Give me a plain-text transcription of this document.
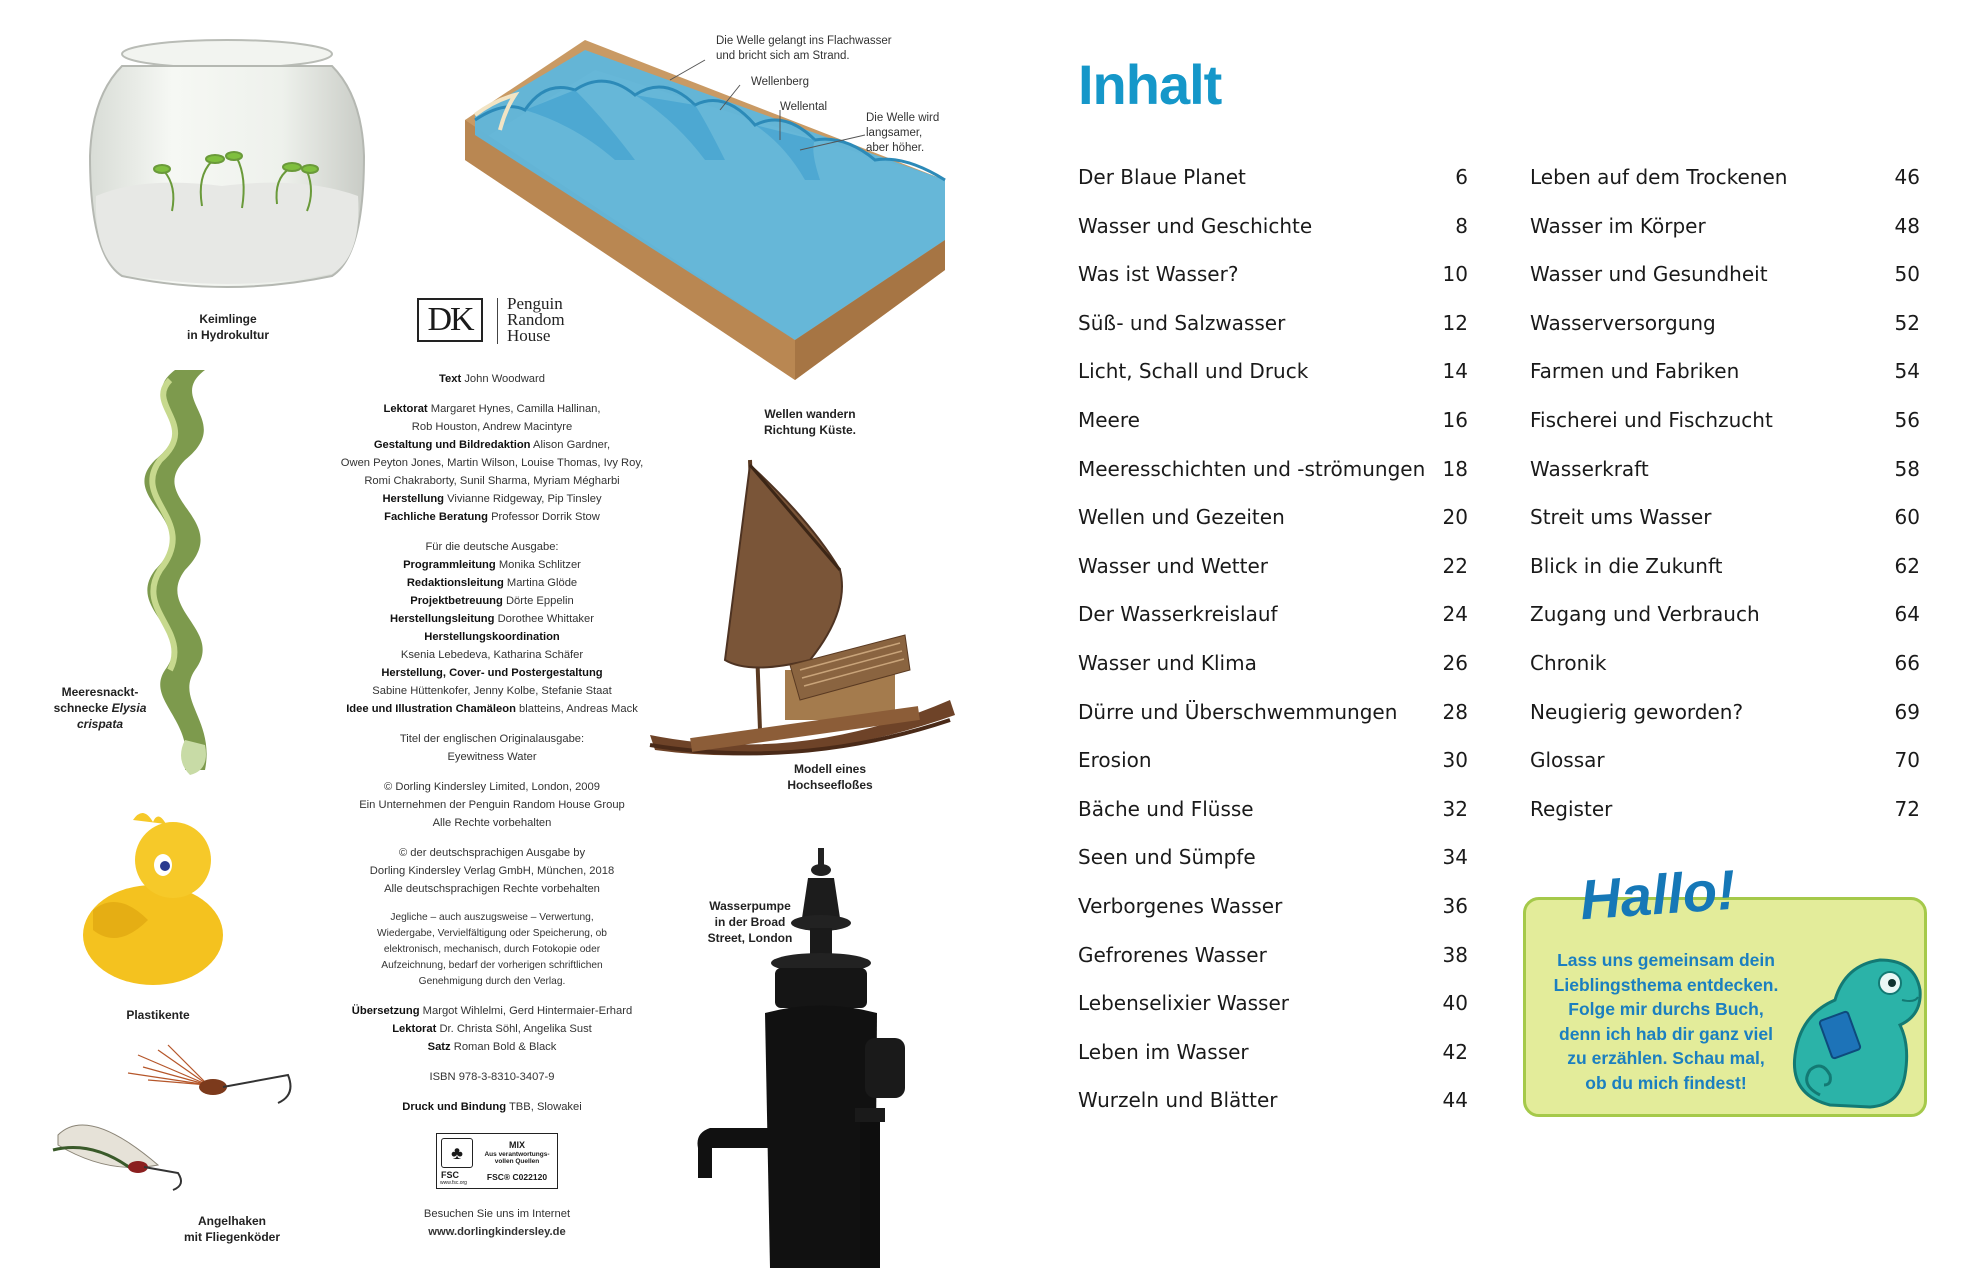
Keimlinge
in Hydrokultur
Die Welle gelangt ins Flachwasser
und bricht sich am Strand.
Wellenberg
Wellental
Die Welle wird
langsamer,
aber höher.
Wellen wandern
Richtung Küste.
DK	Penguin
Random
House
Text John Woodward
Lektorat Margaret Hynes, Camilla Hallinan,
Rob Houston, Andrew Macintyre
Gestaltung und Bildredaktion Alison Gardner,
Owen Peyton Jones, Martin Wilson, Louise Thomas, Ivy Roy,
Romi Chakraborty, Sunil Sharma, Myriam Mégharbi
Herstellung Vivianne Ridgeway, Pip Tinsley
Fachliche Beratung Professor Dorrik Stow
Für die deutsche Ausgabe:
Programmleitung Monika Schlitzer
Redaktionsleitung Martina Glöde
Projektbetreuung Dörte Eppelin
Herstellungsleitung Dorothee Whittaker
Herstellungskoordination
Ksenia Lebedeva, Katharina Schäfer
Herstellung, Cover- und Postergestaltung
Sabine Hüttenkofer, Jenny Kolbe, Stefanie Staat
Idee und Illustration Chamäleon blatteins, Andreas Mack
Titel der englischen Originalausgabe:
Eyewitness Water
© Dorling Kindersley Limited, London, 2009
Ein Unternehmen der Penguin Random House Group
Alle Rechte vorbehalten
© der deutschsprachigen Ausgabe by
Dorling Kindersley Verlag GmbH, München, 2018
Alle deutschsprachigen Rechte vorbehalten
Jegliche – auch auszugsweise – Verwertung,
Wiedergabe, Vervielfältigung oder Speicherung, ob
elektronisch, mechanisch, durch Fotokopie oder
Aufzeichnung, bedarf der vorherigen schriftlichen
Genehmigung durch den Verlag.
Übersetzung Margot Wihlelmi, Gerd Hintermaier-Erhard
Lektorat Dr. Christa Söhl, Angelika Sust
Satz Roman Bold & Black
ISBN 978-3-8310-3407-9
Druck und Bindung TBB, Slowakei
♣
FSC
www.fsc.org
MIX
Aus verantwortungs-
vollen Quellen
FSC® C022120
Besuchen Sie uns im Internet
www.dorlingkindersley.de
Meeresnackt-
schnecke Elysia
crispata
Plastikente
Angelhaken
mit Fliegenköder
Modell eines
Hochseefloßes
Wasserpumpe
in der Broad
Street, London
Inhalt
Der Blaue Planet	6
Wasser und Geschichte	8
Was ist Wasser?	10
Süß- und Salzwasser	12
Licht, Schall und Druck	14
Meere	16
Meeresschichten und -strömungen 18
Wellen und Gezeiten	20
Wasser und Wetter	22
Der Wasserkreislauf	24
Wasser und Klima	26
Dürre und Überschwemmungen 28
Erosion	30
Bäche und Flüsse	32
Seen und Sümpfe	34
Verborgenes Wasser	36
Gefrorenes Wasser	38
Lebenselixier Wasser	40
Leben im Wasser	42
Wurzeln und Blätter	44
Leben auf dem Trockenen	46
Wasser im Körper	48
Wasser und Gesundheit	50
Wasserversorgung	52
Farmen und Fabriken	54
Fischerei und Fischzucht	56
Wasserkraft	58
Streit ums Wasser	60
Blick in die Zukunft	62
Zugang und Verbrauch	64
Chronik	66
Neugierig geworden?	69
Glossar	70
Register	72
Hallo!
Lass uns gemeinsam dein
Lieblingsthema entdecken.
Folge mir durchs Buch,
denn ich hab dir ganz viel
zu erzählen. Schau mal,
ob du mich findest!
